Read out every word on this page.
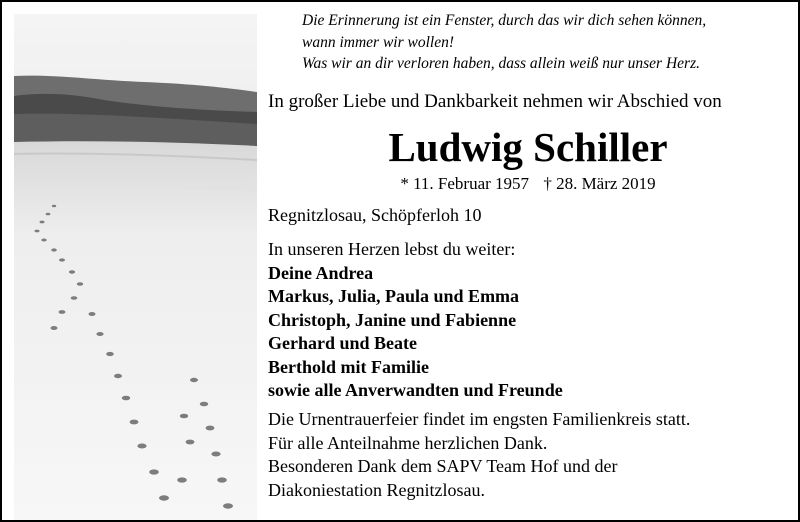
Die Erinnerung ist ein Fenster, durch das wir dich sehen können,
wann immer wir wollen!
Was wir an dir verloren haben, dass allein weiß nur unser Herz.
In großer Liebe und Dankbarkeit nehmen wir Abschied von
Ludwig Schiller
* 11. Februar 1957 † 28. März 2019
Regnitzlosau, Schöpferloh 10
In unseren Herzen lebst du weiter:
Deine Andrea
Markus, Julia, Paula und Emma
Christoph, Janine und Fabienne
Gerhard und Beate
Berthold mit Familie
sowie alle Anverwandten und Freunde
Die Urnentrauerfeier findet im engsten Familienkreis statt.
Für alle Anteilnahme herzlichen Dank.
Besonderen Dank dem SAPV Team Hof und der
Diakoniestation Regnitzlosau.
